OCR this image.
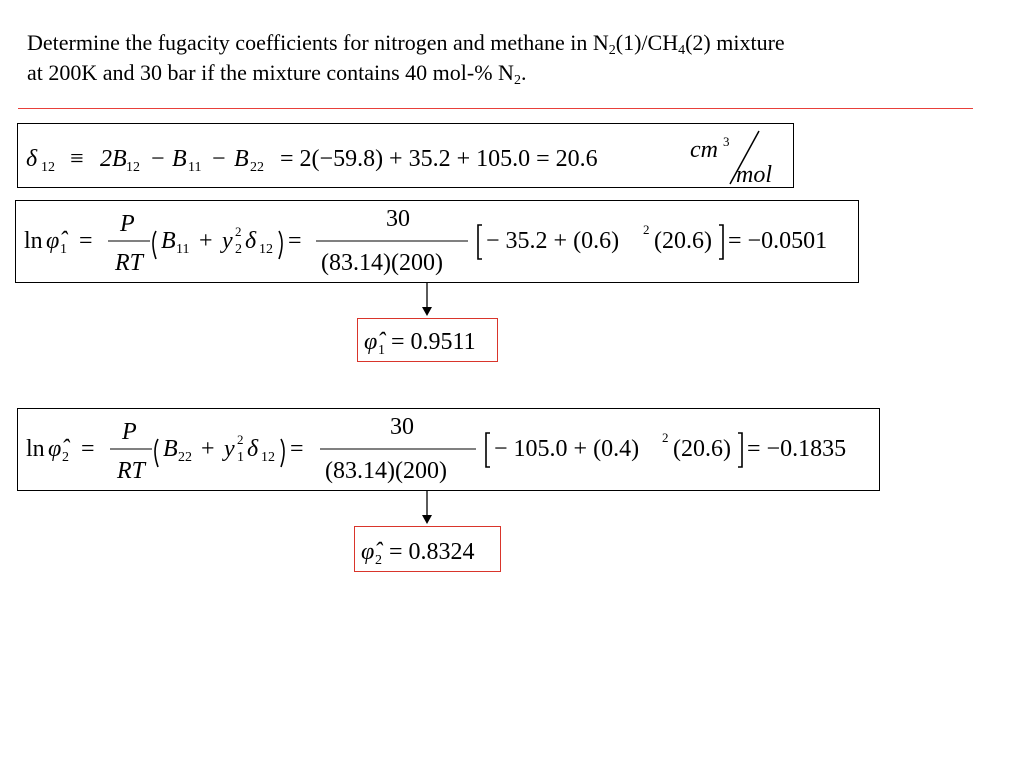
Determine the fugacity coefficients for nitrogen and methane in $N_2(1)/CH_4(2)$ mixture
at 200K and 30 bar if the mixture contains 40 mol-% $N_2$.
δ 12 ≡ 2B 12 − B 11 − B 22 = 2(−59.8) + 35.2 + 105.0 = 20.6	cm 3
mol
ln φ̂ 1 =
P
RT
B 11 + y 2
2 δ 12 =
30
(83.14)(200)
− 35.2 + (0.6) 2 (20.6) = −0.0501
φ̂ 1 = 0.9511
ln φ̂ 2 =
P
RT
B 22 + y 2
1 δ 12 =
30
(83.14)(200)
− 105.0 + (0.4) 2 (20.6) = −0.1835
φ̂ 2 = 0.8324
